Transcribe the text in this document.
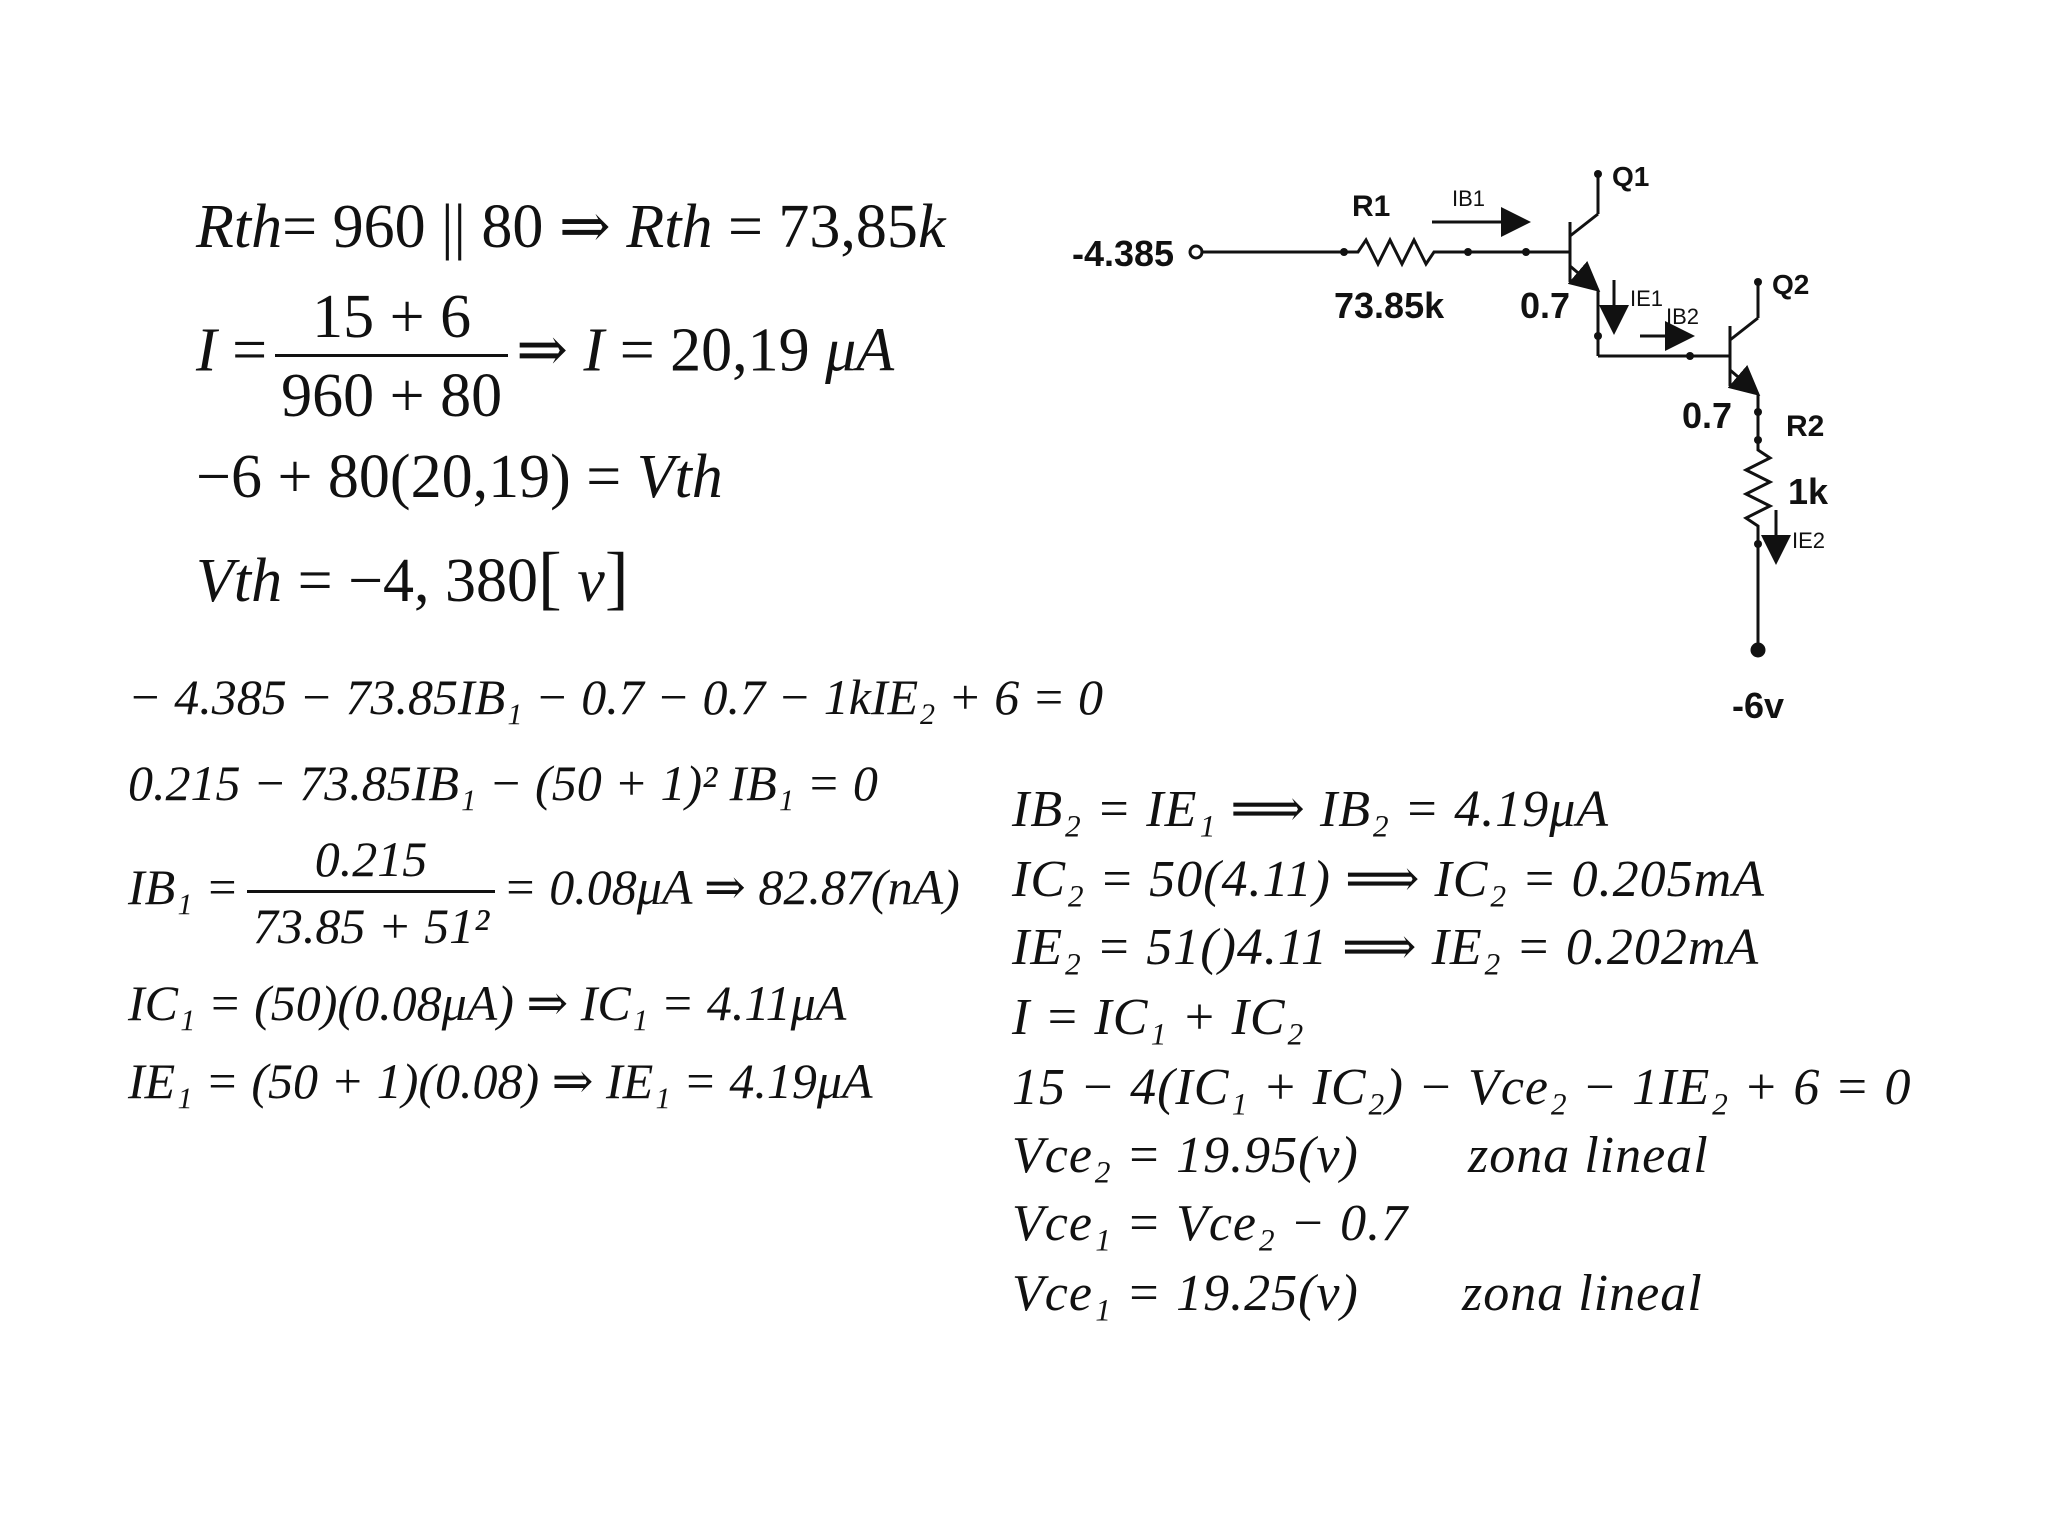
Rth= 960 || 80 ⇒ Rth = 73,85k
$I = \frac{15 + 6}{960 + 80}$ ⇒ I = 20,19 μA
−6 + 80(20,19) = Vth
Vth = −4, 380[ v]
− 4.385 − 73.85IB₁ − 0.7 − 0.7 − 1kIE₂ + 6 = 0
0.215 − 73.85IB₁ − (50 + 1)² IB₁ = 0
$IB_1 = \frac{0.215}{\text{73.85 + 51²}} = 0.08\mu A$ ⇒ 82.87(nA)
IC₁ = (50)(0.08μA) ⇒ IC₁ = 4.11μA
IE₁ = (50 + 1)(0.08) ⇒ IE₁ = 4.19μA
IB₂ = IE₁ ⟹ IB₂ = 4.19μA
IC₂ = 50(4.11) ⟹ IC₂ = 0.205mA
IE₂ = 51()4.11 ⟹ IE₂ = 0.202mA
I = IC₁ + IC₂
15 − 4(IC₁ + IC₂) − Vce₂ − 1IE₂ + 6 = 0
Vce₂ = 19.95(v) zona lineal
Vce₁ = Vce₂ − 0.7
Vce₁ = 19.25(v) zona lineal
-4.385
R1
73.85k
IB1
0.7
Q1
IE1
IB2
Q2
0.7 R2
1k
IE2
-6v
